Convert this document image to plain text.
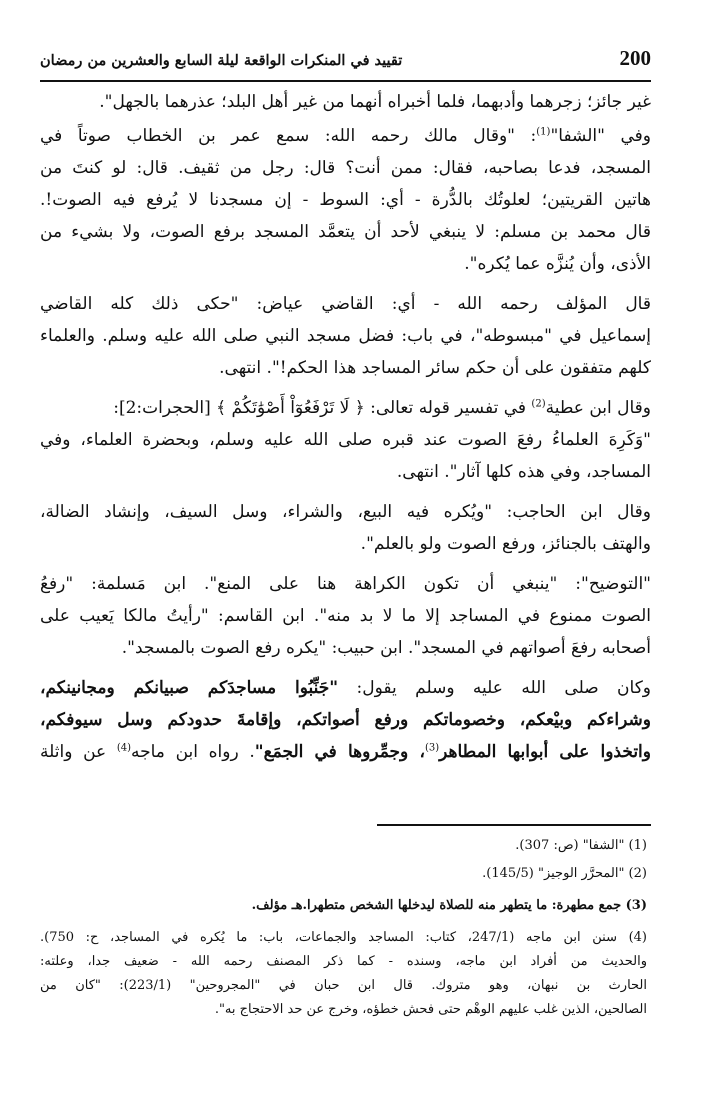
200
تقييد في المنكرات الواقعة ليلة السابع والعشرين من رمضان
غير جائز؛ زجرهما وأدبهما، فلما أخبراه أنهما من غير أهل البلد؛ عذرهما بالجهل".
وفي "الشفا"$^{(1)}$: "وقال مالك رحمه الله: سمع عمر بن الخطاب صوتاً في
المسجد، فدعا بصاحبه، فقال: ممن أنت؟ قال: رجل من ثقيف. قال: لو كنتَ من
هاتين القريتين؛ لعلوتُك بالدُّرة - أي: السوط - إن مسجدنا لا يُرفع فيه الصوت!.
قال محمد بن مسلم: لا ينبغي لأحد أن يتعمَّد المسجد برفع الصوت، ولا بشيء من
الأذى، وأن يُنزَّه عما يُكره".
قال المؤلف رحمه الله - أي: القاضي عياض: "حكى ذلك كله القاضي
إسماعيل في "مبسوطه"، في باب: فضل مسجد النبي صلى الله عليه وسلم. والعلماء
كلهم متفقون على أن حكم سائر المساجد هذا الحكم!". انتهى.
وقال ابن عطية$^{(2)}$ في تفسير قوله تعالى: ﴿ لَا تَرْفَعُوٓاْ أَصْوَٰتَكُمْ ﴾ [الحجرات:2]:
"وَكَرِهَ العلماءُ رفعَ الصوت عند قبره صلى الله عليه وسلم، وبحضرة العلماء، وفي
المساجد، وفي هذه كلها آثار". انتهى.
وقال ابن الحاجب: "ويُكره فيه البيع، والشراء، وسل السيف، وإنشاد الضالة،
والهتف بالجنائز، ورفع الصوت ولو بالعلم".
"التوضيح": "ينبغي أن تكون الكراهة هنا على المنع". ابن مَسلمة: "رفعُ
الصوت ممنوع في المساجد إلا ما لا بد منه". ابن القاسم: "رأيتُ مالكا يَعيب على
أصحابه رفعَ أصواتهم في المسجد". ابن حبيب: "يكره رفع الصوت بالمسجد".
وكان صلى الله عليه وسلم يقول: "جَنِّبُوا مساجدَكم صبيانكم ومجانينكم،
وشراءكم وبيْعكم، وخصوماتكم ورفع أصواتكم، وإقامةَ حدودكم وسل سيوفكم،
واتخذوا على أبوابها المطاهر$^{(3)}$، وجمِّروها في الجمَع". رواه ابن ماجه$^{(4)}$ عن واثلة
(1) "الشفا" (ص: 307).
(2) "المحرَّر الوجيز" (145/5).
(3) جمع مطهرة: ما يتطهر منه للصلاة ليدخلها الشخص متطهرا.هـ مؤلف.
(4) سنن ابن ماجه (247/1، كتاب: المساجد والجماعات، باب: ما يُكره في المساجد، ح: 750).
والحديث من أفراد ابن ماجه، وسنده - كما ذكر المصنف رحمه الله - ضعيف جدا، وعلته:
الحارث بن نبهان، وهو متروك. قال ابن حبان في "المجروحين" (223/1): "كان من
الصالحين، الذين غلب عليهم الوهْم حتى فحش خطؤه، وخرج عن حد الاحتجاج به".
